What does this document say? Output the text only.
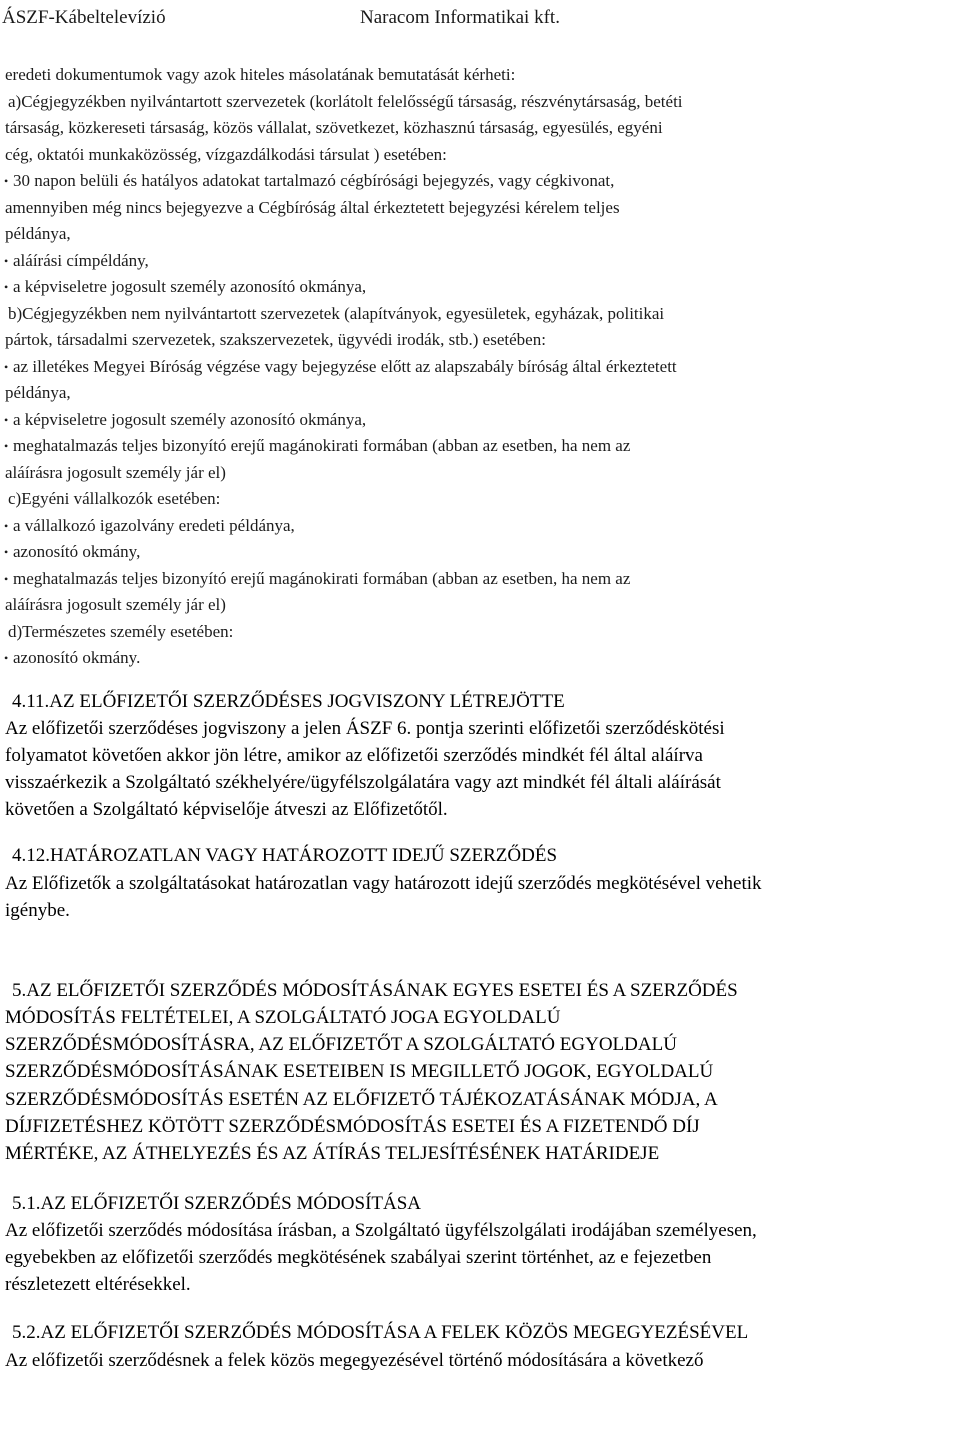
ÁSZF-Kábeltelevízió	Naracom Informatikai kft.

eredeti dokumentumok vagy azok hiteles másolatának bemutatását kérheti:

a)Cégjegyzékben nyilvántartott szervezetek (korlátolt felelősségű társaság, részvénytársaság, betéti

társaság, közkereseti társaság, közös vállalat, szövetkezet, közhasznú társaság, egyesülés, egyéni

cég, oktatói munkaközösség, vízgazdálkodási társulat ) esetében:

• 30 napon belüli és hatályos adatokat tartalmazó cégbírósági bejegyzés, vagy cégkivonat,

amennyiben még nincs bejegyezve a Cégbíróság által érkeztetett bejegyzési kérelem teljes

példánya,

• aláírási címpéldány,

• a képviseletre jogosult személy azonosító okmánya,

b)Cégjegyzékben nem nyilvántartott szervezetek (alapítványok, egyesületek, egyházak, politikai

pártok, társadalmi szervezetek, szakszervezetek, ügyvédi irodák, stb.) esetében:

• az illetékes Megyei Bíróság végzése vagy bejegyzése előtt az alapszabály bíróság által érkeztetett

példánya,

• a képviseletre jogosult személy azonosító okmánya,

• meghatalmazás teljes bizonyító erejű magánokirati formában (abban az esetben, ha nem az

aláírásra jogosult személy jár el)

c)Egyéni vállalkozók esetében:

• a vállalkozó igazolvány eredeti példánya,

• azonosító okmány,

• meghatalmazás teljes bizonyító erejű magánokirati formában (abban az esetben, ha nem az

aláírásra jogosult személy jár el)

d)Természetes személy esetében:

• azonosító okmány.

4.11.AZ ELŐFIZETŐI SZERZŐDÉSES JOGVISZONY LÉTREJÖTTE

Az előfizetői szerződéses jogviszony a jelen ÁSZF 6. pontja szerinti előfizetői szerződéskötési

folyamatot követően akkor jön létre, amikor az előfizetői szerződés mindkét fél által aláírva

visszaérkezik a Szolgáltató székhelyére/ügyfélszolgálatára vagy azt mindkét fél általi aláírását

követően a Szolgáltató képviselője átveszi az Előfizetőtől.

4.12.HATÁROZATLAN VAGY HATÁROZOTT IDEJŰ SZERZŐDÉS

Az Előfizetők a szolgáltatásokat határozatlan vagy határozott idejű szerződés megkötésével vehetik

igénybe.

5.AZ ELŐFIZETŐI SZERZŐDÉS MÓDOSÍTÁSÁNAK EGYES ESETEI ÉS A SZERZŐDÉS

MÓDOSÍTÁS FELTÉTELEI, A SZOLGÁLTATÓ JOGA EGYOLDALÚ

SZERZŐDÉSMÓDOSÍTÁSRA, AZ ELŐFIZETŐT A SZOLGÁLTATÓ EGYOLDALÚ

SZERZŐDÉSMÓDOSÍTÁSÁNAK ESETEIBEN IS MEGILLETŐ JOGOK, EGYOLDALÚ

SZERZŐDÉSMÓDOSÍTÁS ESETÉN AZ ELŐFIZETŐ TÁJÉKOZATÁSÁNAK MÓDJA, A

DÍJFIZETÉSHEZ KÖTÖTT SZERZŐDÉSMÓDOSÍTÁS ESETEI ÉS A FIZETENDŐ DÍJ

MÉRTÉKE, AZ ÁTHELYEZÉS ÉS AZ ÁTÍRÁS TELJESÍTÉSÉNEK HATÁRIDEJE

5.1.AZ ELŐFIZETŐI SZERZŐDÉS MÓDOSÍTÁSA

Az előfizetői szerződés módosítása írásban, a Szolgáltató ügyfélszolgálati irodájában személyesen,

egyebekben az előfizetői szerződés megkötésének szabályai szerint történhet, az e fejezetben

részletezett eltérésekkel.

5.2.AZ ELŐFIZETŐI SZERZŐDÉS MÓDOSÍTÁSA A FELEK KÖZÖS MEGEGYEZÉSÉVEL

Az előfizetői szerződésnek a felek közös megegyezésével történő módosítására a következő
